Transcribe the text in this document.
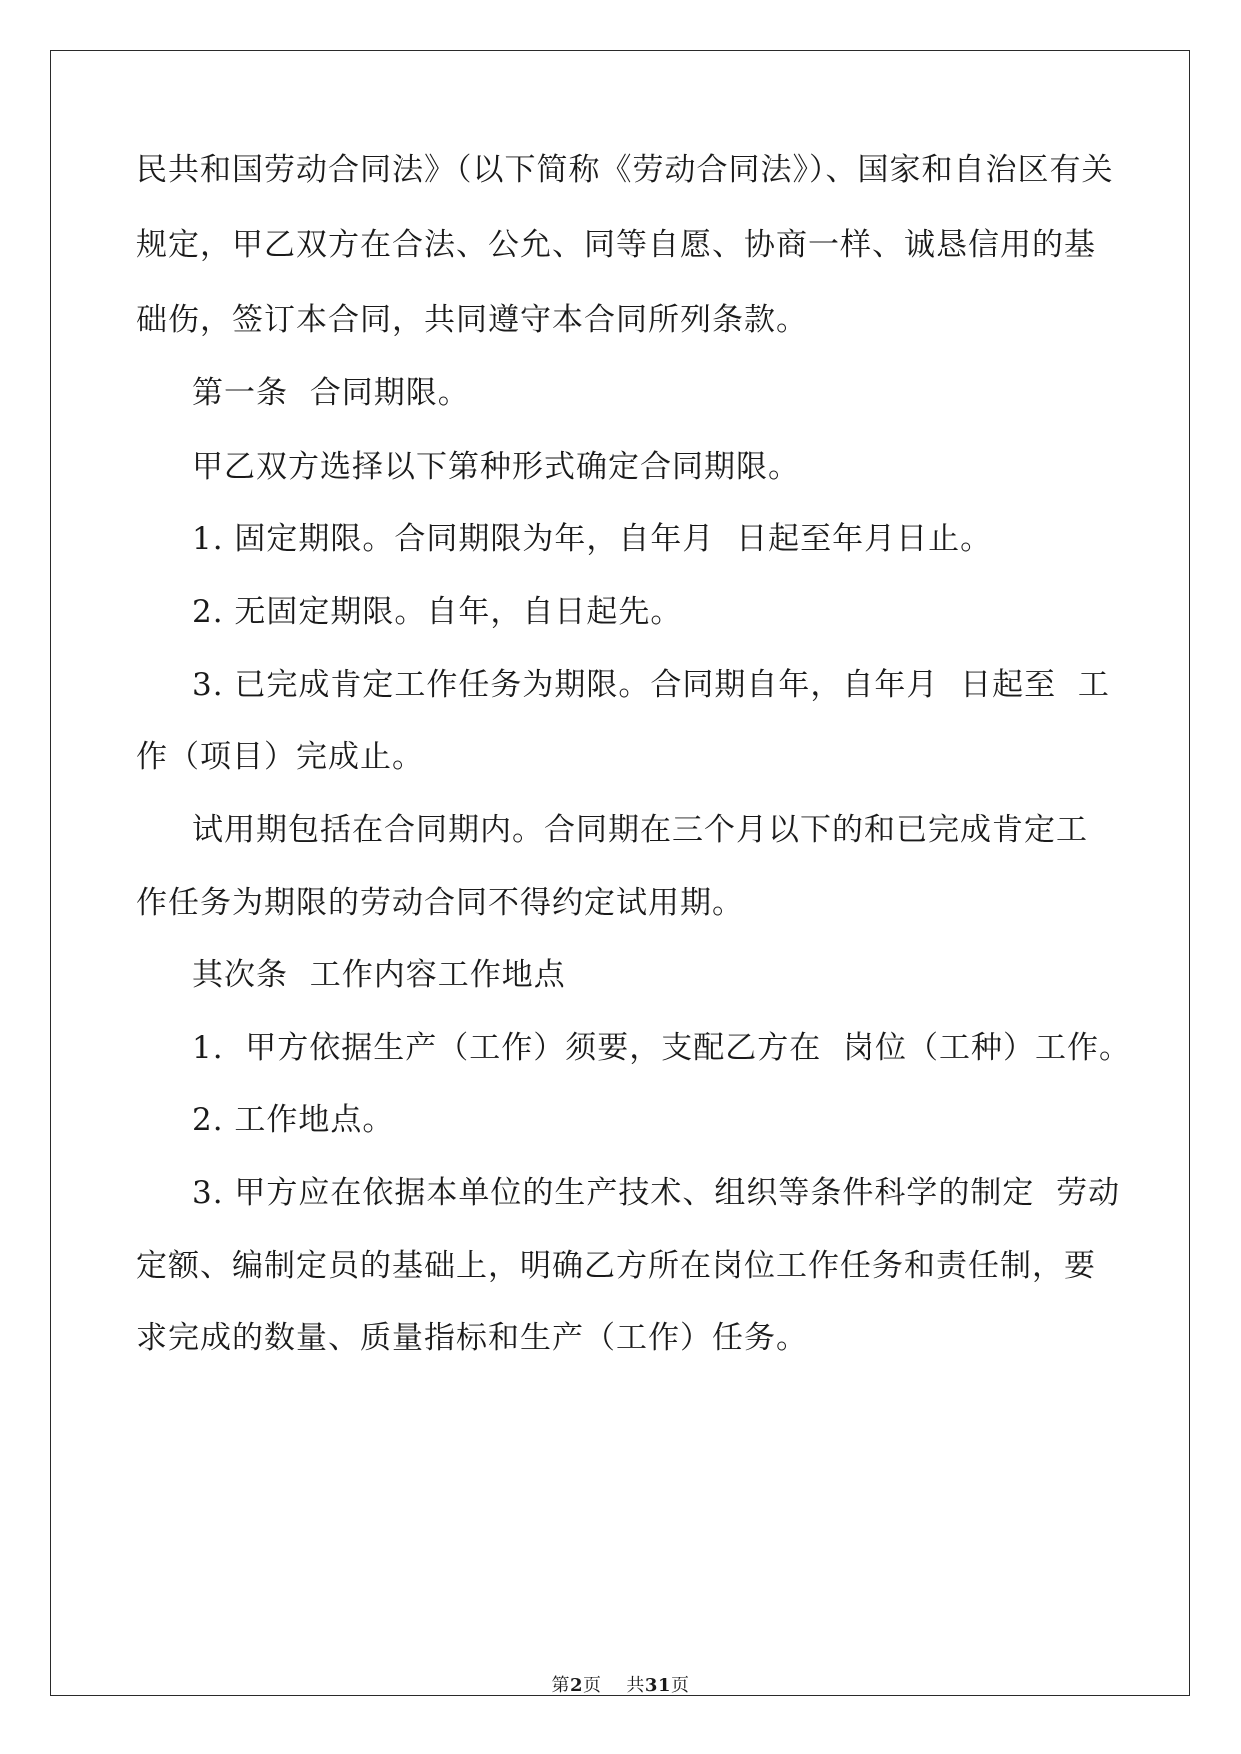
民共和国劳动合同法》（以下简称《劳动合同法》）、国家和自治区有关
规定，甲乙双方在合法、公允、同等自愿、协商一样、诚恳信用的基
础伤，签订本合同，共同遵守本合同所列条款。
第一条  合同期限。
甲乙双方选择以下第种形式确定合同期限。
1. 固定期限。合同期限为年，自年月  日起至年月日止。
2. 无固定期限。自年，自日起先。
3. 已完成肯定工作任务为期限。合同期自年，自年月  日起至  工
作（项目）完成止。
试用期包括在合同期内。合同期在三个月以下的和已完成肯定工
作任务为期限的劳动合同不得约定试用期。
其次条  工作内容工作地点
1.  甲方依据生产（工作）须要，支配乙方在  岗位（工种）工作。
2. 工作地点。
3. 甲方应在依据本单位的生产技术、组织等条件科学的制定  劳动
定额、编制定员的基础上，明确乙方所在岗位工作任务和责任制，要
求完成的数量、质量指标和生产（工作）任务。
第2页 共31页
